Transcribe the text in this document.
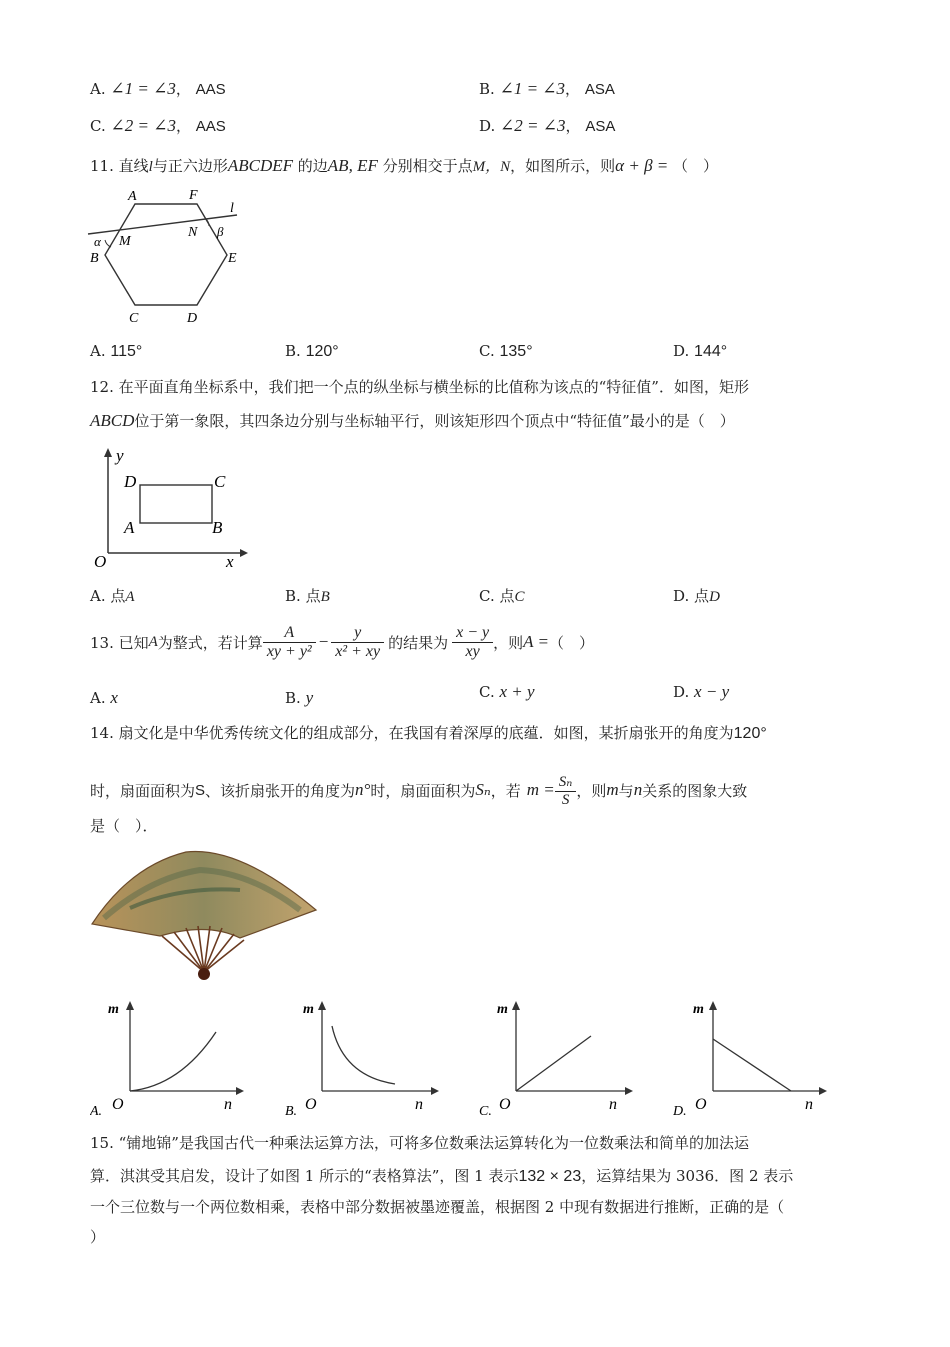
A. ∠1 = ∠3， AAS	B. ∠1 = ∠3， ASA
C. ∠2 = ∠3， AAS	D. ∠2 = ∠3， ASA
11. 直线l与正六边形ABCDEF 的边AB, EF 分别相交于点M，N，如图所示，则α + β = （　）
A	F
l
α M
N β
B	E
C	D
A. 115°	B. 120°	C. 135°	D. 144°
12. 在平面直角坐标系中，我们把一个点的纵坐标与横坐标的比值称为该点的“特征值”．如图，矩形
ABCD位于第一象限，其四条边分别与坐标轴平行，则该矩形四个顶点中“特征值”最小的是（　）
y
D	C
A	B
O	x
A. 点A	B. 点B	C. 点C	D. 点D
13. 已知 A 为整式，若计算 $\frac{A}{\text{xy + y²}} - \frac{y}{\text{x² + xy}}$ 的结果为 $\frac{x - y}{xy}$ ，则 A = （　）
A. x	B. y	C. x + y	D. x − y
14. 扇文化是中华优秀传统文化的组成部分，在我国有着深厚的底蕴．如图，某折扇张开的角度为120°
时，扇面面积为 S 、该折扇张开的角度为 n° 时，扇面面积为 Sₙ ，若 $m = \frac{\text{Sₙ}}{S}$ ，则 m 与 n 关系的图象大致
是（　）．
A.
m
O	n	B.
m
O	n	C.
m
O	n	D.
m
O	n
15. “铺地锦”是我国古代一种乘法运算方法，可将多位数乘法运算转化为一位数乘法和简单的加法运
算．淇淇受其启发，设计了如图 1 所示的“表格算法”，图 1 表示132 × 23，运算结果为 3036．图 2 表示
一个三位数与一个两位数相乘，表格中部分数据被墨迹覆盖，根据图 2 中现有数据进行推断，正确的是（
）
